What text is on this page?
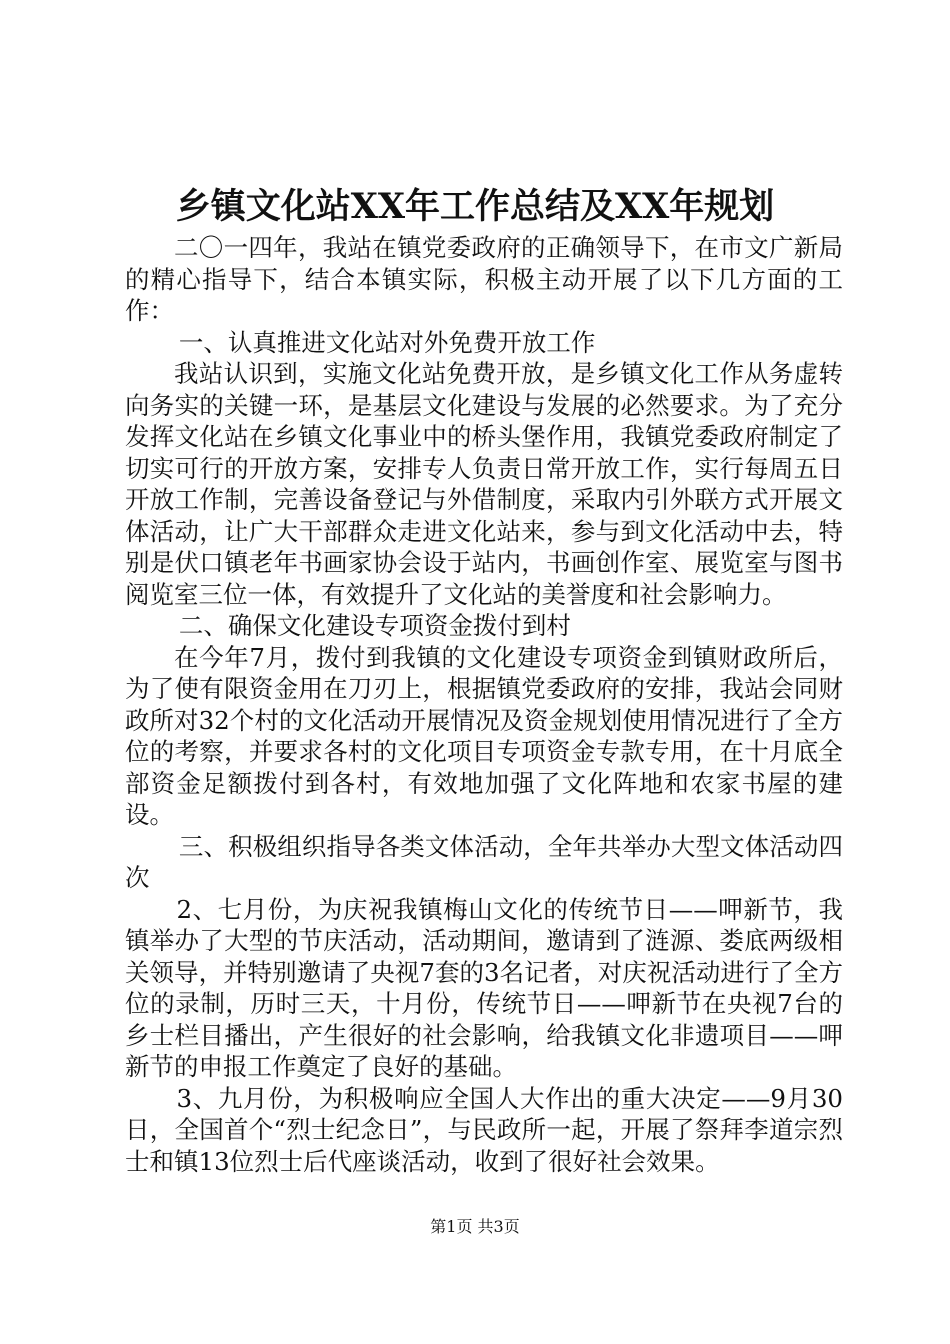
乡镇文化站XX年工作总结及XX年规划

二〇一四年，我站在镇党委政府的正确领导下，在市文广新局的精心指导下，结合本镇实际，积极主动开展了以下几方面的工作：

一、认真推进文化站对外免费开放工作

我站认识到，实施文化站免费开放，是乡镇文化工作从务虚转向务实的关键一环，是基层文化建设与发展的必然要求。为了充分发挥文化站在乡镇文化事业中的桥头堡作用，我镇党委政府制定了切实可行的开放方案，安排专人负责日常开放工作，实行每周五日开放工作制，完善设备登记与外借制度，采取内引外联方式开展文体活动，让广大干部群众走进文化站来，参与到文化活动中去，特别是伏口镇老年书画家协会设于站内，书画创作室、展览室与图书阅览室三位一体，有效提升了文化站的美誉度和社会影响力。

二、确保文化建设专项资金拨付到村

在今年7月，拨付到我镇的文化建设专项资金到镇财政所后，为了使有限资金用在刀刃上，根据镇党委政府的安排，我站会同财政所对32个村的文化活动开展情况及资金规划使用情况进行了全方位的考察，并要求各村的文化项目专项资金专款专用，在十月底全部资金足额拨付到各村，有效地加强了文化阵地和农家书屋的建设。

三、积极组织指导各类文体活动，全年共举办大型文体活动四次

2、七月份，为庆祝我镇梅山文化的传统节日——呷新节，我镇举办了大型的节庆活动，活动期间，邀请到了涟源、娄底两级相关领导，并特别邀请了央视7套的3名记者，对庆祝活动进行了全方位的录制，历时三天，十月份，传统节日——呷新节在央视7台的乡士栏目播出，产生很好的社会影响，给我镇文化非遗项目——呷新节的申报工作奠定了良好的基础。

3、九月份，为积极响应全国人大作出的重大决定——9月30日，全国首个“烈士纪念日”，与民政所一起，开展了祭拜李道宗烈士和镇13位烈士后代座谈活动，收到了很好社会效果。

第1页 共3页
